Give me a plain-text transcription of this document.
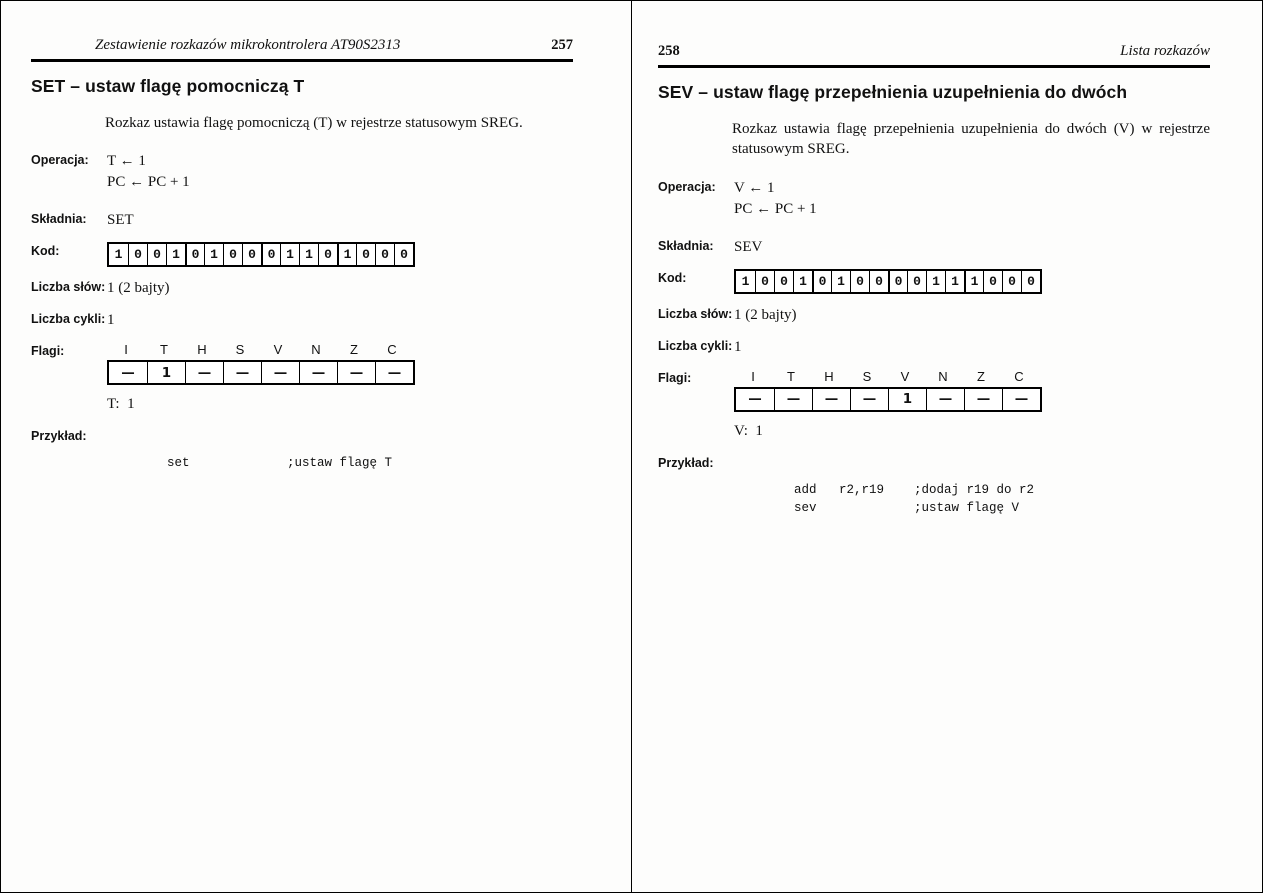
Zestawienie rozkazów mikrokontrolera AT90S2313	257
SET – ustaw flagę pomocniczą T

Rozkaz ustawia flagę pomocniczą (T) w rejestrze statusowym SREG.

Operacja:	T ← 1
PC ← PC + 1
Składnia:	SET
Kod:	1 0 0 1 0 1 0 0 0 1 1 0 1 0 0 0
Liczba słów: 1 (2 bajty)
Liczba cykli: 1
Flagi:	I	T	H	S	V	N	Z	C
—	1	—	—	—	—	—	—
T:  1
Przykład:
set             ;ustaw flagę T
258	Lista rozkazów
SEV – ustaw flagę przepełnienia uzupełnienia do dwóch

Rozkaz ustawia flagę przepełnienia uzupełnienia do dwóch (V) w rejestrze statusowym SREG.

Operacja:	V ← 1
PC ← PC + 1
Składnia:	SEV
Kod:	1 0 0 1 0 1 0 0 0 0 1 1 1 0 0 0
Liczba słów: 1 (2 bajty)
Liczba cykli: 1
Flagi:	I	T	H	S	V	N	Z	C
—	—	—	—	1	—	—	—
V:  1
Przykład:
add   r2,r19    ;dodaj r19 do r2
sev             ;ustaw flagę V
